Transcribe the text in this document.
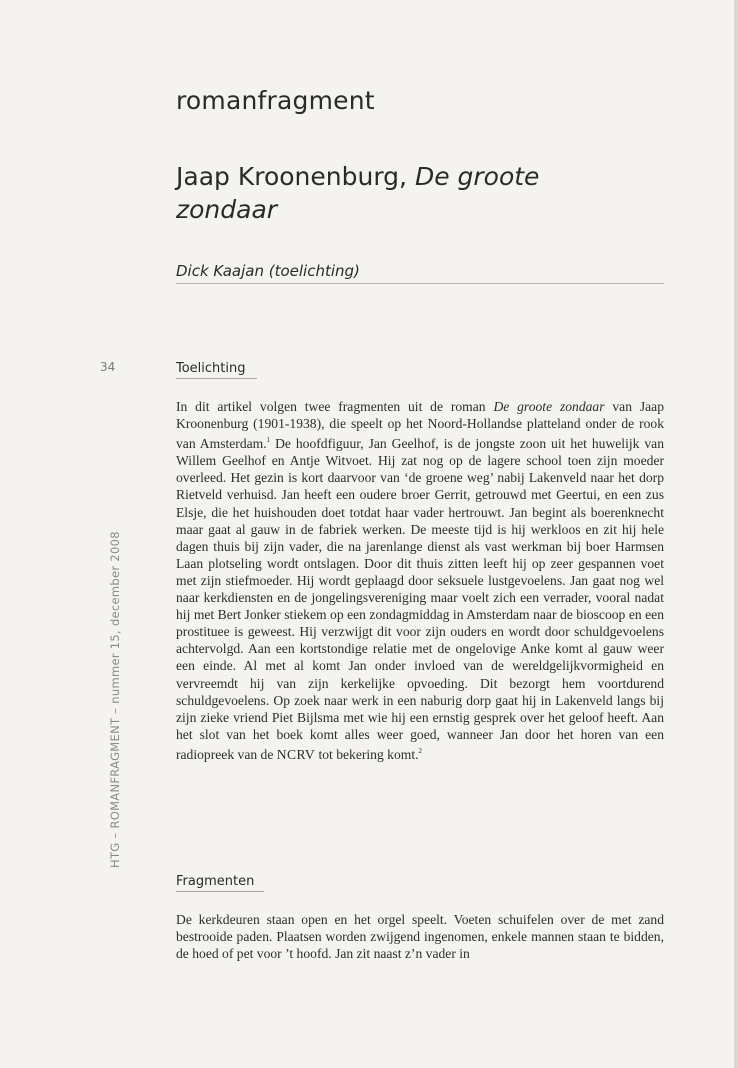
romanfragment
Jaap Kroonenburg, De groote zondaar
Dick Kaajan (toelichting)
34
HTG – ROMANFRAGMENT – nummer 15, december 2008
Toelichting

In dit artikel volgen twee fragmenten uit de roman De groote zondaar van Jaap Kroonenburg (1901-1938), die speelt op het Noord-Hollandse platteland onder de rook van Amsterdam.$^1$ De hoofdfiguur, Jan Geelhof, is de jongste zoon uit het huwelijk van Willem Geelhof en Antje Witvoet. Hij zat nog op de lagere school toen zijn moeder overleed. Het gezin is kort daarvoor van ‘de groene weg’ nabij Lakenveld naar het dorp Rietveld verhuisd. Jan heeft een oudere broer Gerrit, getrouwd met Geertui, en een zus Elsje, die het huishouden doet totdat haar vader hertrouwt. Jan begint als boerenknecht maar gaat al gauw in de fabriek werken. De meeste tijd is hij werkloos en zit hij hele dagen thuis bij zijn vader, die na jarenlange dienst als vast werkman bij boer Harmsen Laan plotseling wordt ontslagen. Door dit thuis zitten leeft hij op zeer gespannen voet met zijn stiefmoeder. Hij wordt geplaagd door seksuele lustgevoelens. Jan gaat nog wel naar kerkdiensten en de jongelingsvereniging maar voelt zich een verrader, vooral nadat hij met Bert Jonker stiekem op een zondagmiddag in Amsterdam naar de bioscoop en een prostituee is geweest. Hij verzwijgt dit voor zijn ouders en wordt door schuldgevoelens achtervolgd. Aan een kortstondige relatie met de ongelovige Anke komt al gauw weer een einde. Al met al komt Jan onder invloed van de wereldgelijkvormigheid en vervreemdt hij van zijn kerkelijke opvoeding. Dit bezorgt hem voortdurend schuldgevoelens. Op zoek naar werk in een naburig dorp gaat hij in Lakenveld langs bij zijn zieke vriend Piet Bijlsma met wie hij een ernstig gesprek over het geloof heeft. Aan het slot van het boek komt alles weer goed, wanneer Jan door het horen van een radiopreek van de NCRV tot bekering komt.$^2$

Fragmenten

De kerkdeuren staan open en het orgel speelt. Voeten schuifelen over de met zand bestrooide paden. Plaatsen worden zwijgend ingenomen, enkele mannen staan te bidden, de hoed of pet voor ’t hoofd. Jan zit naast z’n vader in
